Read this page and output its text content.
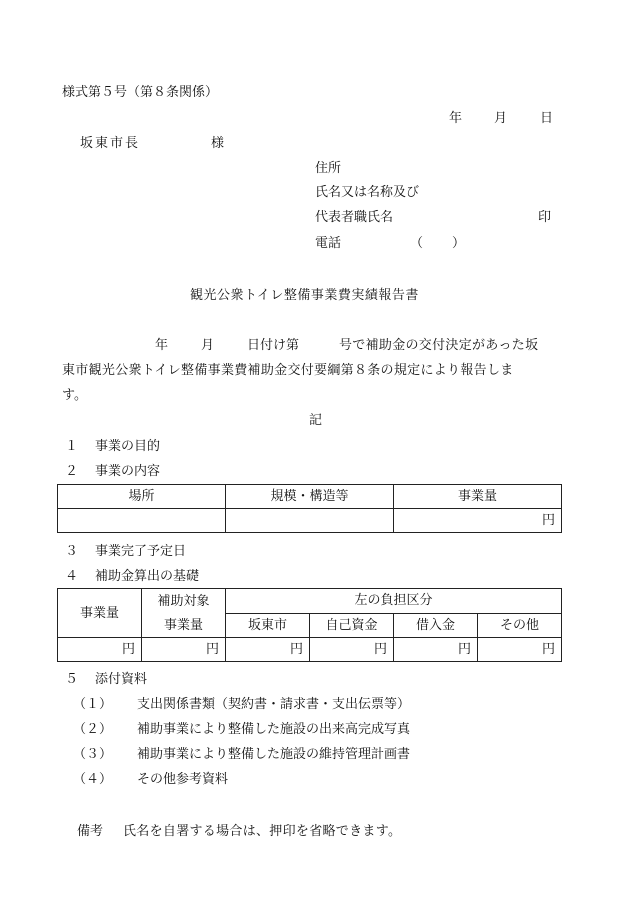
様式第５号（第８条関係）
年 月	日
坂東市長	様
住所
氏名又は名称及び
代表者職氏名	印
電話	（ ）
観光公衆トイレ整備事業費実績報告書
年	月	日付け第	号で補助金の交付決定があった坂
東市観光公衆トイレ整備事業費補助金交付要綱第８条の規定により報告しま
す。
記
１ 事業の目的
２ 事業の内容
場所	規模・構造等	事業量
		円
３ 事業完了予定日
４ 補助金算出の基礎
事業量	補助対象	左の負担区分			
	事業量	坂東市	自己資金	借入金	その他
円	円	円	円	円	円
５ 添付資料
（１） 支出関係書類（契約書・請求書・支出伝票等）
（２） 補助事業により整備した施設の出来高完成写真
（３） 補助事業により整備した施設の維持管理計画書
（４） その他参考資料
備考 氏名を自署する場合は、押印を省略できます。
